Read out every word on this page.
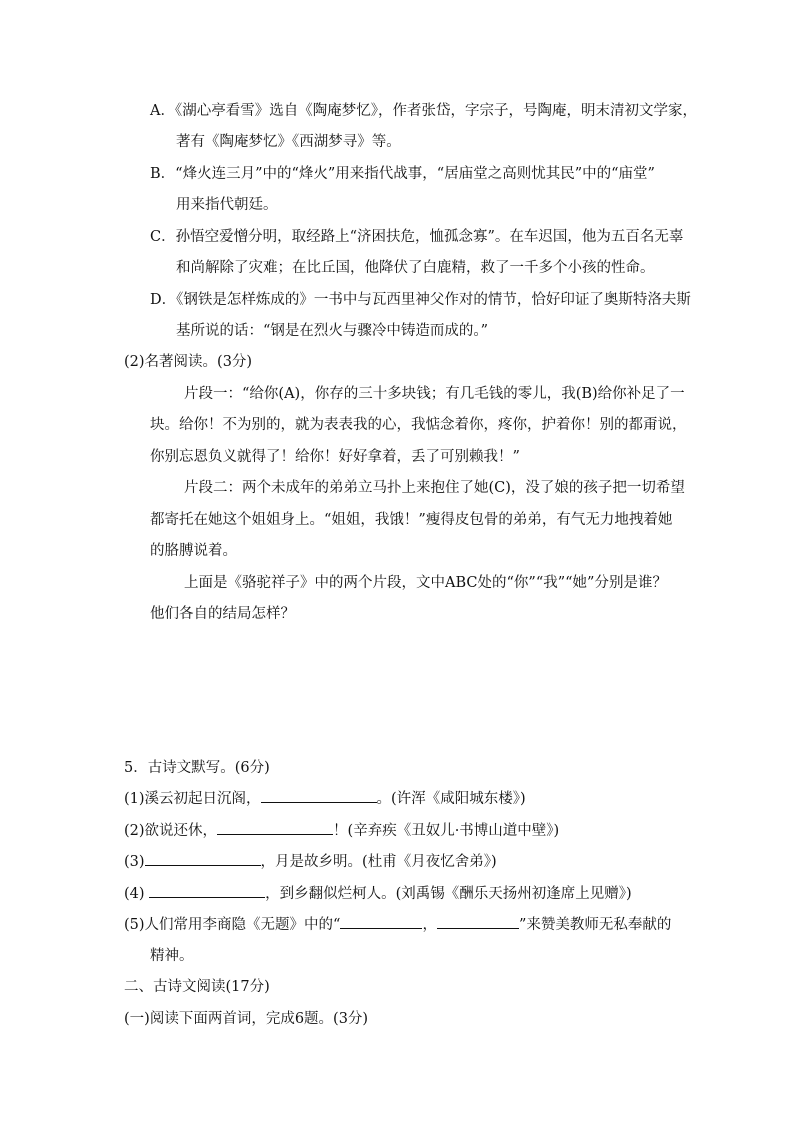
A．《湖心亭看雪》选自《陶庵梦忆》，作者张岱，字宗子，号陶庵，明末清初文学家，
著有《陶庵梦忆》《西湖梦寻》等。
B．“烽火连三月”中的“烽火”用来指代战事，“居庙堂之高则忧其民”中的“庙堂”
用来指代朝廷。
C．孙悟空爱憎分明，取经路上“济困扶危，恤孤念寡”。在车迟国，他为五百名无辜
和尚解除了灾难；在比丘国，他降伏了白鹿精，救了一千多个小孩的性命。
D．《钢铁是怎样炼成的》一书中与瓦西里神父作对的情节，恰好印证了奥斯特洛夫斯
基所说的话：“钢是在烈火与骤冷中铸造而成的。”
(2)名著阅读。(3分)
片段一：“给你(A)，你存的三十多块钱；有几毛钱的零儿，我(B)给你补足了一
块。给你！不为别的，就为表表我的心，我惦念着你，疼你，护着你！别的都甭说，
你别忘恩负义就得了！给你！好好拿着，丢了可别赖我！”
片段二：两个未成年的弟弟立马扑上来抱住了她(C)，没了娘的孩子把一切希望
都寄托在她这个姐姐身上。“姐姐，我饿！”瘦得皮包骨的弟弟，有气无力地拽着她
的胳膊说着。
上面是《骆驼祥子》中的两个片段，文中ABC处的“你”“我”“她”分别是谁？
他们各自的结局怎样？
5．古诗文默写。(6分)
(1)溪云初起日沉阁，	。(许浑《咸阳城东楼》)
(2)欲说还休，	！(辛弃疾《丑奴儿·书博山道中壁》)
(3)	，月是故乡明。(杜甫《月夜忆舍弟》)
(4)	，到乡翻似烂柯人。(刘禹锡《酬乐天扬州初逢席上见赠》)
(5)人们常用李商隐《无题》中的“	，	”来赞美教师无私奉献的
精神。
二、古诗文阅读(17分)
(一)阅读下面两首词，完成6题。(3分)
